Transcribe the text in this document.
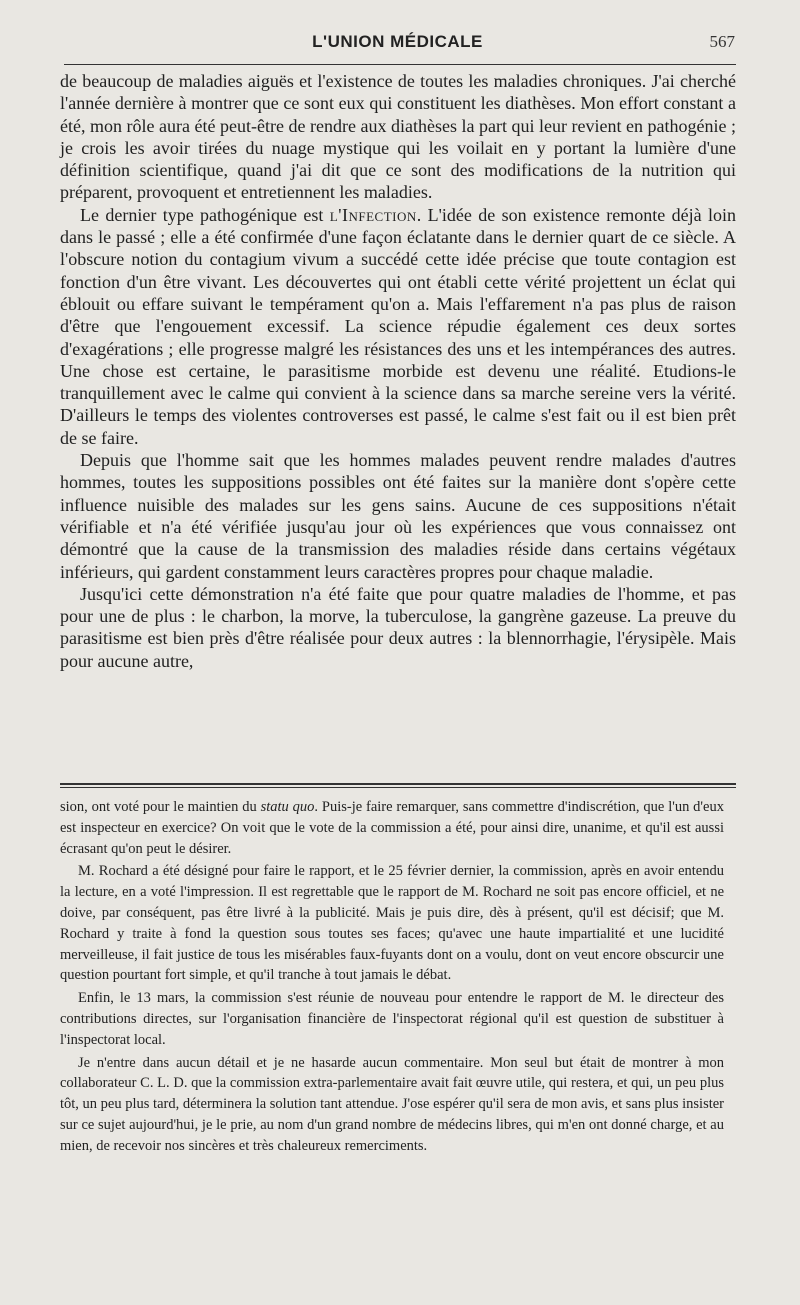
L'UNION MÉDICALE	567

de beaucoup de maladies aiguës et l'existence de toutes les maladies chroniques. J'ai cherché l'année dernière à montrer que ce sont eux qui constituent les diathèses. Mon effort constant a été, mon rôle aura été peut-être de rendre aux diathèses la part qui leur revient en pathogénie ; je crois les avoir tirées du nuage mystique qui les voilait en y portant la lumière d'une définition scientifique, quand j'ai dit que ce sont des modifications de la nutrition qui préparent, provoquent et entretiennent les maladies.

Le dernier type pathogénique est l'Infection. L'idée de son existence remonte déjà loin dans le passé ; elle a été confirmée d'une façon éclatante dans le dernier quart de ce siècle. A l'obscure notion du contagium vivum a succédé cette idée précise que toute contagion est fonction d'un être vivant. Les découvertes qui ont établi cette vérité projettent un éclat qui éblouit ou effare suivant le tempérament qu'on a. Mais l'effarement n'a pas plus de raison d'être que l'engouement excessif. La science répudie également ces deux sortes d'exagérations ; elle progresse malgré les résistances des uns et les intempérances des autres. Une chose est certaine, le parasitisme morbide est devenu une réalité. Etudions-le tranquillement avec le calme qui convient à la science dans sa marche sereine vers la vérité. D'ailleurs le temps des violentes controverses est passé, le calme s'est fait ou il est bien prêt de se faire.

Depuis que l'homme sait que les hommes malades peuvent rendre malades d'autres hommes, toutes les suppositions possibles ont été faites sur la manière dont s'opère cette influence nuisible des malades sur les gens sains. Aucune de ces suppositions n'était vérifiable et n'a été vérifiée jusqu'au jour où les expériences que vous connaissez ont démontré que la cause de la transmission des maladies réside dans certains végétaux inférieurs, qui gardent constamment leurs caractères propres pour chaque maladie.

Jusqu'ici cette démonstration n'a été faite que pour quatre maladies de l'homme, et pas pour une de plus : le charbon, la morve, la tuberculose, la gangrène gazeuse. La preuve du parasitisme est bien près d'être réalisée pour deux autres : la blennorrhagie, l'érysipèle. Mais pour aucune autre,

sion, ont voté pour le maintien du statu quo. Puis-je faire remarquer, sans commettre d'indiscrétion, que l'un d'eux est inspecteur en exercice? On voit que le vote de la commission a été, pour ainsi dire, unanime, et qu'il est aussi écrasant qu'on peut le désirer.

M. Rochard a été désigné pour faire le rapport, et le 25 février dernier, la commission, après en avoir entendu la lecture, en a voté l'impression. Il est regrettable que le rapport de M. Rochard ne soit pas encore officiel, et ne doive, par conséquent, pas être livré à la publicité. Mais je puis dire, dès à présent, qu'il est décisif; que M. Rochard y traite à fond la question sous toutes ses faces; qu'avec une haute impartialité et une lucidité merveilleuse, il fait justice de tous les misérables faux-fuyants dont on a voulu, dont on veut encore obscurcir une question pourtant fort simple, et qu'il tranche à tout jamais le débat.

Enfin, le 13 mars, la commission s'est réunie de nouveau pour entendre le rapport de M. le directeur des contributions directes, sur l'organisation financière de l'inspectorat régional qu'il est question de substituer à l'inspectorat local.

Je n'entre dans aucun détail et je ne hasarde aucun commentaire. Mon seul but était de montrer à mon collaborateur C. L. D. que la commission extra-parlementaire avait fait œuvre utile, qui restera, et qui, un peu plus tôt, un peu plus tard, déterminera la solution tant attendue. J'ose espérer qu'il sera de mon avis, et sans plus insister sur ce sujet aujourd'hui, je le prie, au nom d'un grand nombre de médecins libres, qui m'en ont donné charge, et au mien, de recevoir nos sincères et très chaleureux remerciments.
